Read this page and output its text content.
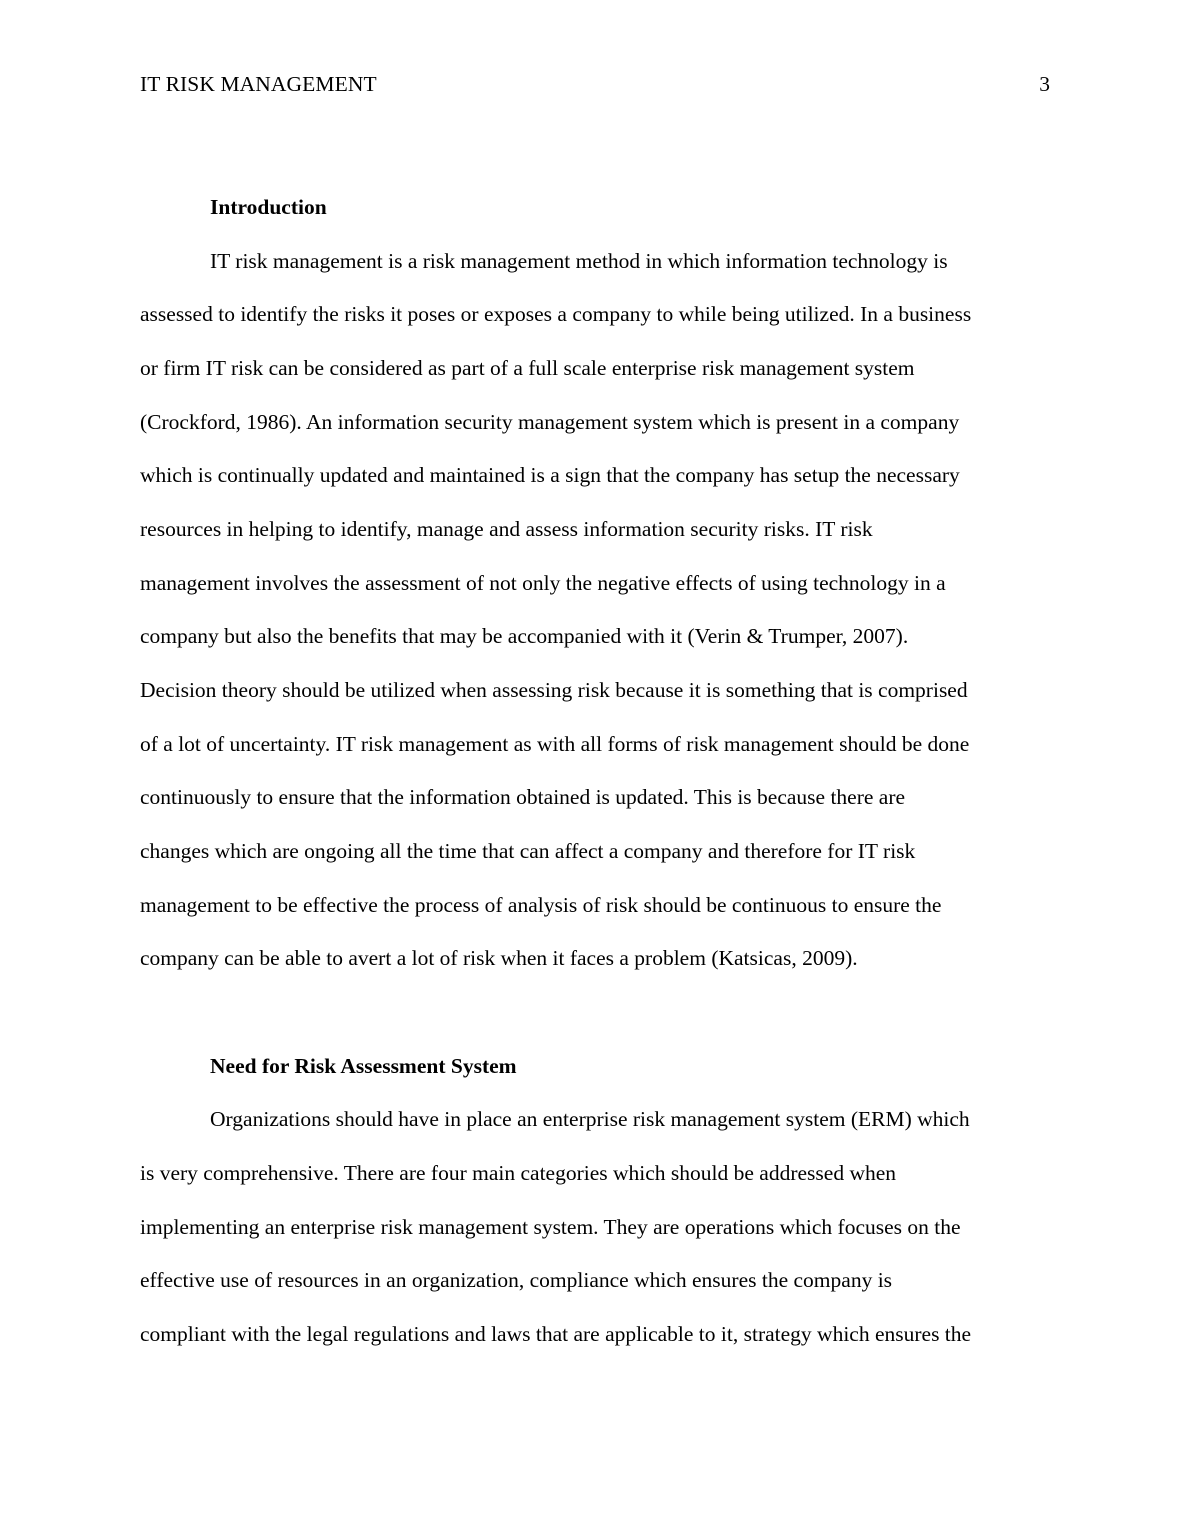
IT RISK MANAGEMENT	3
Introduction
IT risk management is a risk management method in which information technology is
assessed to identify the risks it poses or exposes a company to while being utilized. In a business
or firm IT risk can be considered as part of a full scale enterprise risk management system
(Crockford, 1986). An information security management system which is present in a company
which is continually updated and maintained is a sign that the company has setup the necessary
resources in helping to identify, manage and assess information security risks. IT risk
management involves the assessment of not only the negative effects of using technology in a
company but also the benefits that may be accompanied with it (Verin & Trumper, 2007).
Decision theory should be utilized when assessing risk because it is something that is comprised
of a lot of uncertainty. IT risk management as with all forms of risk management should be done
continuously to ensure that the information obtained is updated. This is because there are
changes which are ongoing all the time that can affect a company and therefore for IT risk
management to be effective the process of analysis of risk should be continuous to ensure the
company can be able to avert a lot of risk when it faces a problem (Katsicas, 2009).
Need for Risk Assessment System
Organizations should have in place an enterprise risk management system (ERM) which
is very comprehensive. There are four main categories which should be addressed when
implementing an enterprise risk management system. They are operations which focuses on the
effective use of resources in an organization, compliance which ensures the company is
compliant with the legal regulations and laws that are applicable to it, strategy which ensures the
